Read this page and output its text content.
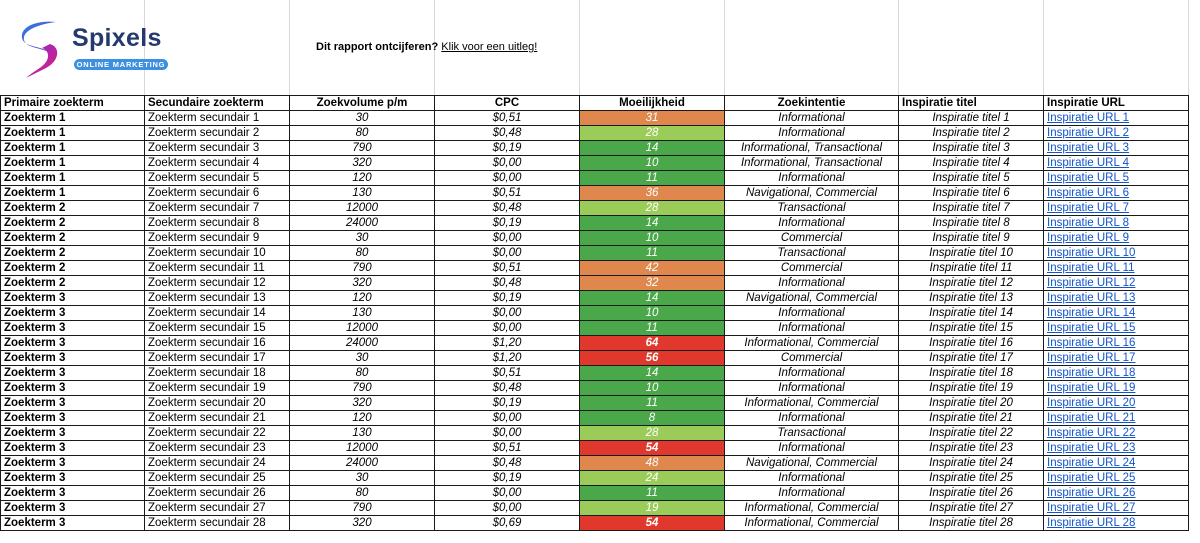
Spixels
ONLINE MARKETING
Dit rapport ontcijferen? Klik voor een uitleg!
Primaire zoekterm	Secundaire zoekterm	Zoekvolume p/m	CPC	Moeilijkheid	Zoekintentie	Inspiratie titel	Inspiratie URL
Zoekterm 1	Zoekterm secundair 1	30	$0,51	31	Informational	Inspiratie titel 1	Inspiratie URL 1
Zoekterm 1	Zoekterm secundair 2	80	$0,48	28	Informational	Inspiratie titel 2	Inspiratie URL 2
Zoekterm 1	Zoekterm secundair 3	790	$0,19	14	Informational, Transactional	Inspiratie titel 3	Inspiratie URL 3
Zoekterm 1	Zoekterm secundair 4	320	$0,00	10	Informational, Transactional	Inspiratie titel 4	Inspiratie URL 4
Zoekterm 1	Zoekterm secundair 5	120	$0,00	11	Informational	Inspiratie titel 5	Inspiratie URL 5
Zoekterm 1	Zoekterm secundair 6	130	$0,51	36	Navigational, Commercial	Inspiratie titel 6	Inspiratie URL 6
Zoekterm 2	Zoekterm secundair 7	12000	$0,48	28	Transactional	Inspiratie titel 7	Inspiratie URL 7
Zoekterm 2	Zoekterm secundair 8	24000	$0,19	14	Informational	Inspiratie titel 8	Inspiratie URL 8
Zoekterm 2	Zoekterm secundair 9	30	$0,00	10	Commercial	Inspiratie titel 9	Inspiratie URL 9
Zoekterm 2	Zoekterm secundair 10	80	$0,00	11	Transactional	Inspiratie titel 10	Inspiratie URL 10
Zoekterm 2	Zoekterm secundair 11	790	$0,51	42	Commercial	Inspiratie titel 11	Inspiratie URL 11
Zoekterm 2	Zoekterm secundair 12	320	$0,48	32	Informational	Inspiratie titel 12	Inspiratie URL 12
Zoekterm 3	Zoekterm secundair 13	120	$0,19	14	Navigational, Commercial	Inspiratie titel 13	Inspiratie URL 13
Zoekterm 3	Zoekterm secundair 14	130	$0,00	10	Informational	Inspiratie titel 14	Inspiratie URL 14
Zoekterm 3	Zoekterm secundair 15	12000	$0,00	11	Informational	Inspiratie titel 15	Inspiratie URL 15
Zoekterm 3	Zoekterm secundair 16	24000	$1,20	64	Informational, Commercial	Inspiratie titel 16	Inspiratie URL 16
Zoekterm 3	Zoekterm secundair 17	30	$1,20	56	Commercial	Inspiratie titel 17	Inspiratie URL 17
Zoekterm 3	Zoekterm secundair 18	80	$0,51	14	Informational	Inspiratie titel 18	Inspiratie URL 18
Zoekterm 3	Zoekterm secundair 19	790	$0,48	10	Informational	Inspiratie titel 19	Inspiratie URL 19
Zoekterm 3	Zoekterm secundair 20	320	$0,19	11	Informational, Commercial	Inspiratie titel 20	Inspiratie URL 20
Zoekterm 3	Zoekterm secundair 21	120	$0,00	8	Informational	Inspiratie titel 21	Inspiratie URL 21
Zoekterm 3	Zoekterm secundair 22	130	$0,00	28	Transactional	Inspiratie titel 22	Inspiratie URL 22
Zoekterm 3	Zoekterm secundair 23	12000	$0,51	54	Informational	Inspiratie titel 23	Inspiratie URL 23
Zoekterm 3	Zoekterm secundair 24	24000	$0,48	48	Navigational, Commercial	Inspiratie titel 24	Inspiratie URL 24
Zoekterm 3	Zoekterm secundair 25	30	$0,19	24	Informational	Inspiratie titel 25	Inspiratie URL 25
Zoekterm 3	Zoekterm secundair 26	80	$0,00	11	Informational	Inspiratie titel 26	Inspiratie URL 26
Zoekterm 3	Zoekterm secundair 27	790	$0,00	19	Informational, Commercial	Inspiratie titel 27	Inspiratie URL 27
Zoekterm 3	Zoekterm secundair 28	320	$0,69	54	Informational, Commercial	Inspiratie titel 28	Inspiratie URL 28
